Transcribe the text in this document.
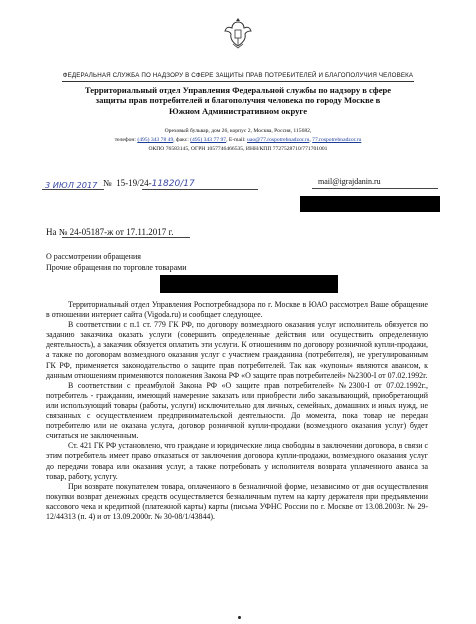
ФЕДЕРАЛЬНАЯ СЛУЖБА ПО НАДЗОРУ В СФЕРЕ ЗАЩИТЫ ПРАВ ПОТРЕБИТЕЛЕЙ И БЛАГОПОЛУЧИЯ ЧЕЛОВЕКА
Территориальный отдел Управления Федеральной службы по надзору в сфере
защиты прав потребителей и благополучия человека по городу Москве в
Южном Административном округе
Ореховый бульвар, дом 26, корпус 2, Москва, Россия, 115682,
телефон: (495) 343 78 49, факс: (495) 343 77 97, E-mail: uao@77.rospotrebnadzor.ru, 77.rospotrebnadzor.ru
ОКПО 76583145, ОГРН 1057746466535, ИНН/КПП 7727528710/771701001
3 ИЮЛ 2017 № 15-19/24-11820/17	mail@igrajdanin.ru
На № 24-05187-ж от 17.11.2017 г.
О рассмотрении обращения
Прочие обращения по торговле товарами

Территориальный отдел Управления Роспотребнадзора по г. Москве в ЮАО рассмотрел Ваше обращение в отношении интернет сайта (Vigoda.ru) и сообщает следующее.

В соответствии с п.1 ст. 779 ГК РФ, по договору возмездного оказания услуг исполнитель обязуется по заданию заказчика оказать услуги (совершить определенные действия или осуществить определенную деятельность), а заказчик обязуется оплатить эти услуги. К отношениям по договору розничной купли-продажи, а также по договорам возмездного оказания услуг с участием гражданина (потребителя), не урегулированным ГК РФ, применяется законодательство о защите прав потребителей. Так как «купоны» являются авансом, к данным отношениям применяются положения Закона РФ «О защите прав потребителей» №2300-I от 07.02.1992г.

В соответствии с преамбулой Закона РФ «О защите прав потребителей» №2300-I от 07.02.1992г., потребитель - гражданин, имеющий намерение заказать или приобрести либо заказывающий, приобретающий или использующий товары (работы, услуги) исключительно для личных, семейных, домашних и иных нужд, не связанных с осуществлением предпринимательской деятельности. До момента, пока товар не передан потребителю или не оказана услуга, договор розничной купли-продажи (возмездного оказания услуг) будет считаться не заключенным.

Ст. 421 ГК РФ установлено, что граждане и юридические лица свободны в заключении договора, в связи с этим потребитель имеет право отказаться от заключения договора купли-продажи, возмездного оказания услуг до передачи товара или оказания услуг, а также потребовать у исполнителя возврата уплаченного аванса за товар, работу, услугу.

При возврате покупателем товара, оплаченного в безналичной форме, независимо от дня осуществления покупки возврат денежных средств осуществляется безналичным путем на карту держателя при предъявлении кассового чека и кредитной (платежной карты) карты (письма УФНС России по г. Москве от 13.08.2003г. № 29-12/44313 (п. 4) и от 13.09.2000г. № 30-08/1/43844).
